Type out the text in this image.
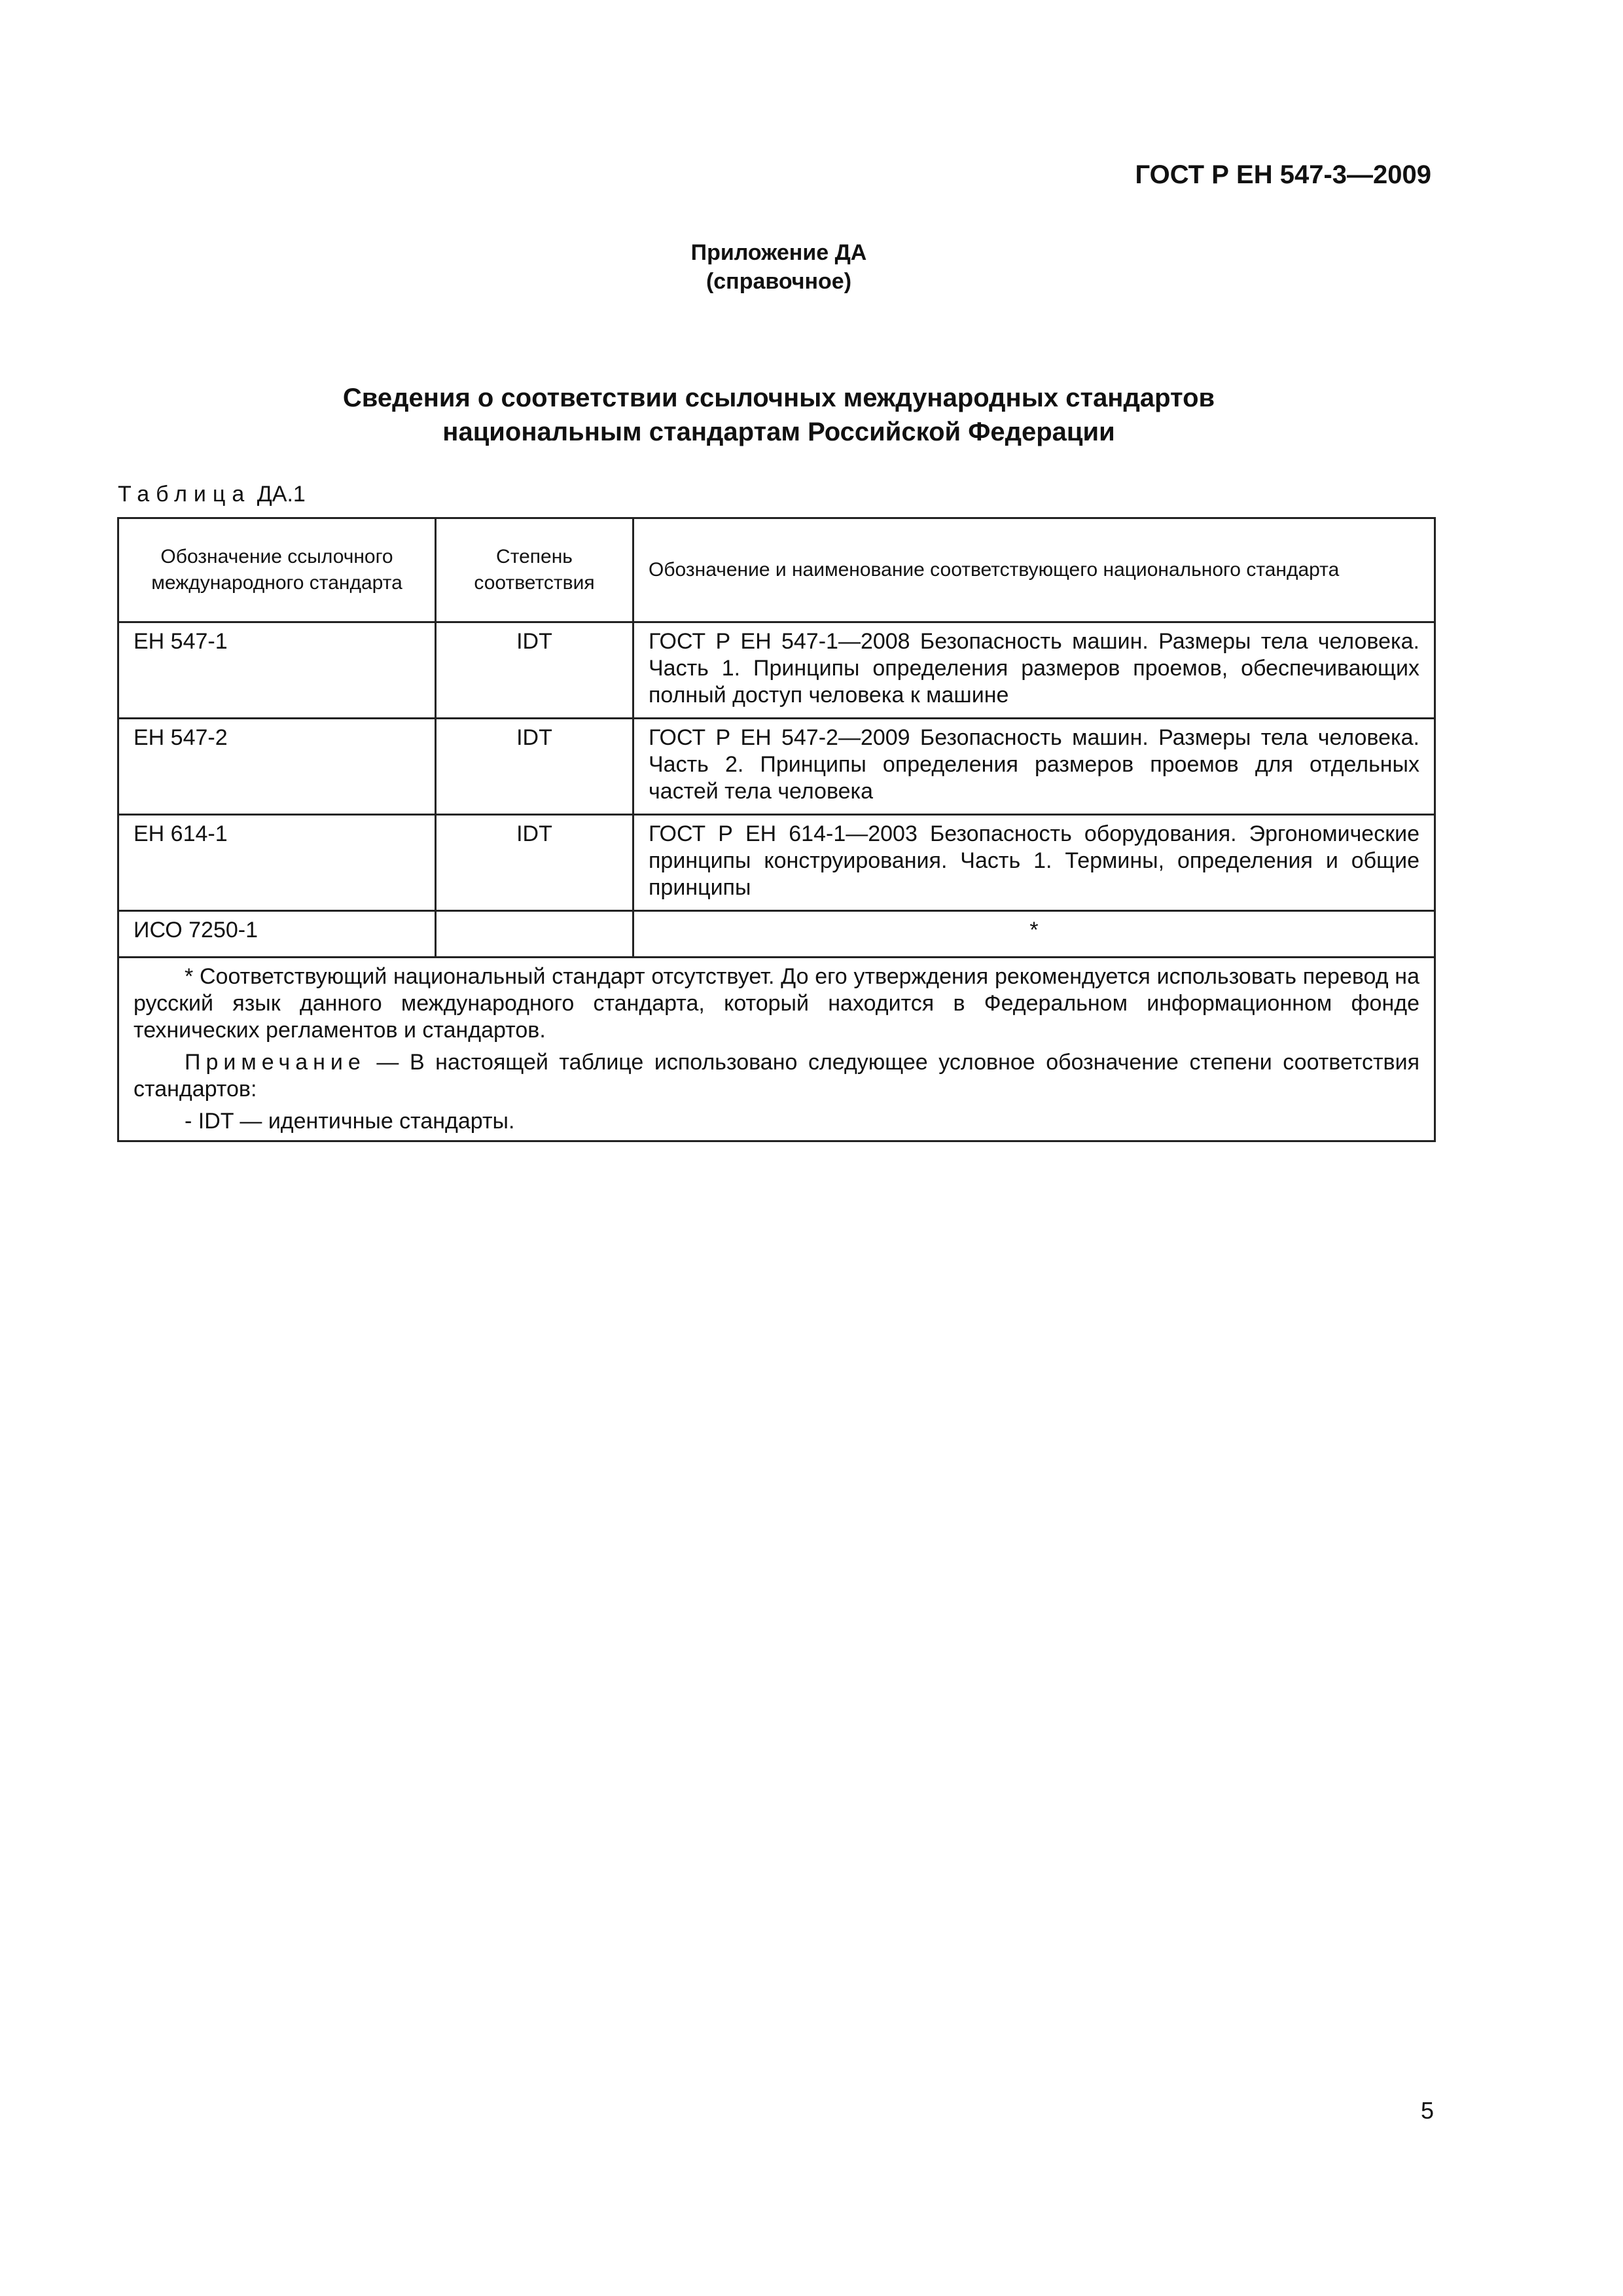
ГОСТ Р ЕН 547-3—2009
Приложение ДА
(справочное)
Сведения о соответствии ссылочных международных стандартов
национальным стандартам Российской Федерации
Таблица ДА.1
Обозначение ссылочного международного стандарта	Степень соответствия	Обозначение и наименование соответствующего национального стандарта
ЕН 547-1	IDT	ГОСТ Р ЕН 547-1—2008 Безопасность машин. Размеры тела человека. Часть 1. Принципы определения размеров проемов, обеспечивающих полный доступ человека к машине
ЕН 547-2	IDT	ГОСТ Р ЕН 547-2—2009 Безопасность машин. Размеры тела человека. Часть 2. Принципы определения размеров проемов для отдельных частей тела человека
ЕН 614-1	IDT	ГОСТ Р ЕН 614-1—2003 Безопасность оборудования. Эргономические принципы конструирования. Часть 1. Термины, определения и общие принципы
ИСО 7250-1		*

* Соответствующий национальный стандарт отсутствует. До его утверждения рекомендуется использовать перевод на русский язык данного международного стандарта, который находится в Федеральном информационном фонде технических регламентов и стандартов.

Примечание — В настоящей таблице использовано следующее условное обозначение степени соответствия стандартов:

- IDT — идентичные стандарты.		

5
